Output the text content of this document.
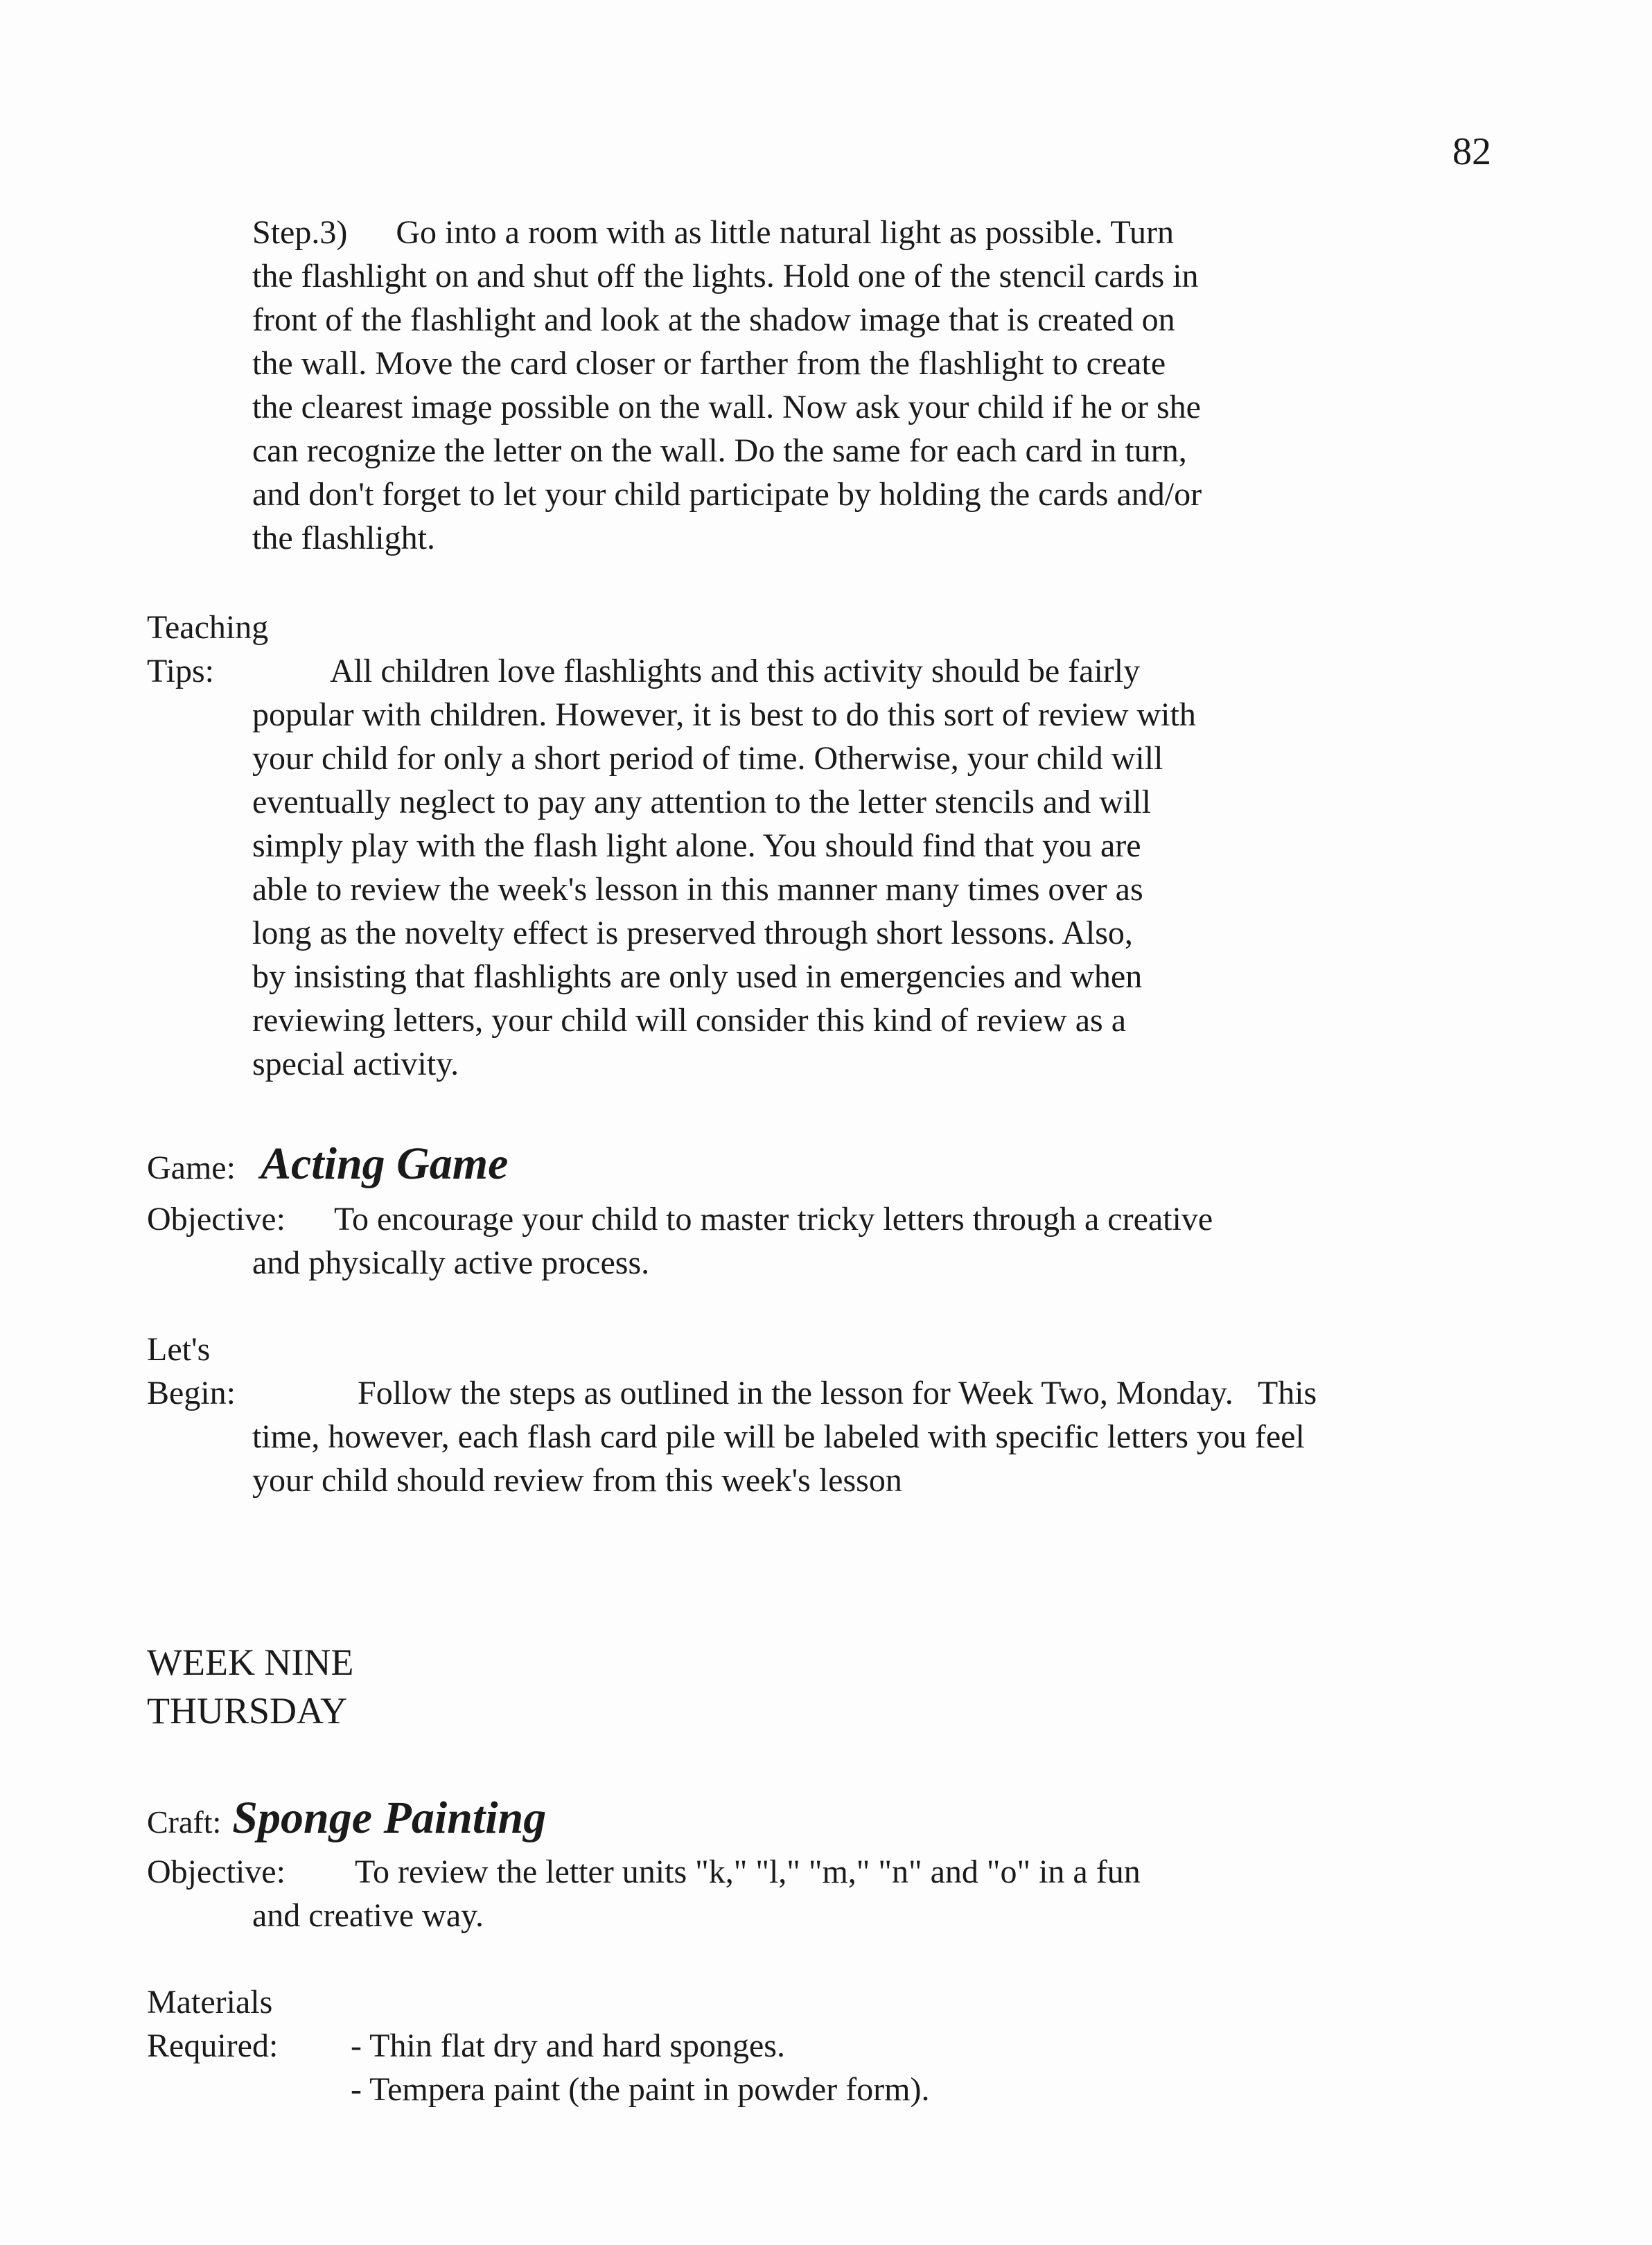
82
Step.3) Go into a room with as little natural light as possible. Turn
the flashlight on and shut off the lights. Hold one of the stencil cards in
front of the flashlight and look at the shadow image that is created on
the wall. Move the card closer or farther from the flashlight to create
the clearest image possible on the wall. Now ask your child if he or she
can recognize the letter on the wall. Do the same for each card in turn,
and don't forget to let your child participate by holding the cards and/or
the flashlight.
Teaching
Tips:	All children love flashlights and this activity should be fairly
popular with children. However, it is best to do this sort of review with
your child for only a short period of time. Otherwise, your child will
eventually neglect to pay any attention to the letter stencils and will
simply play with the flash light alone. You should find that you are
able to review the week's lesson in this manner many times over as
long as the novelty effect is preserved through short lessons. Also,
by insisting that flashlights are only used in emergencies and when
reviewing letters, your child will consider this kind of review as a
special activity.
Game: Acting Game
Objective:	To encourage your child to master tricky letters through a creative
and physically active process.
Let's
Begin:	Follow the steps as outlined in the lesson for Week Two, Monday.   This
time, however, each flash card pile will be labeled with specific letters you feel
your child should review from this week's lesson
WEEK NINE
THURSDAY
Craft: Sponge Painting
Objective:	To review the letter units "k," "l," "m," "n" and "o" in a fun
and creative way.
Materials
Required: - Thin flat dry and hard sponges.
- Tempera paint (the paint in powder form).
